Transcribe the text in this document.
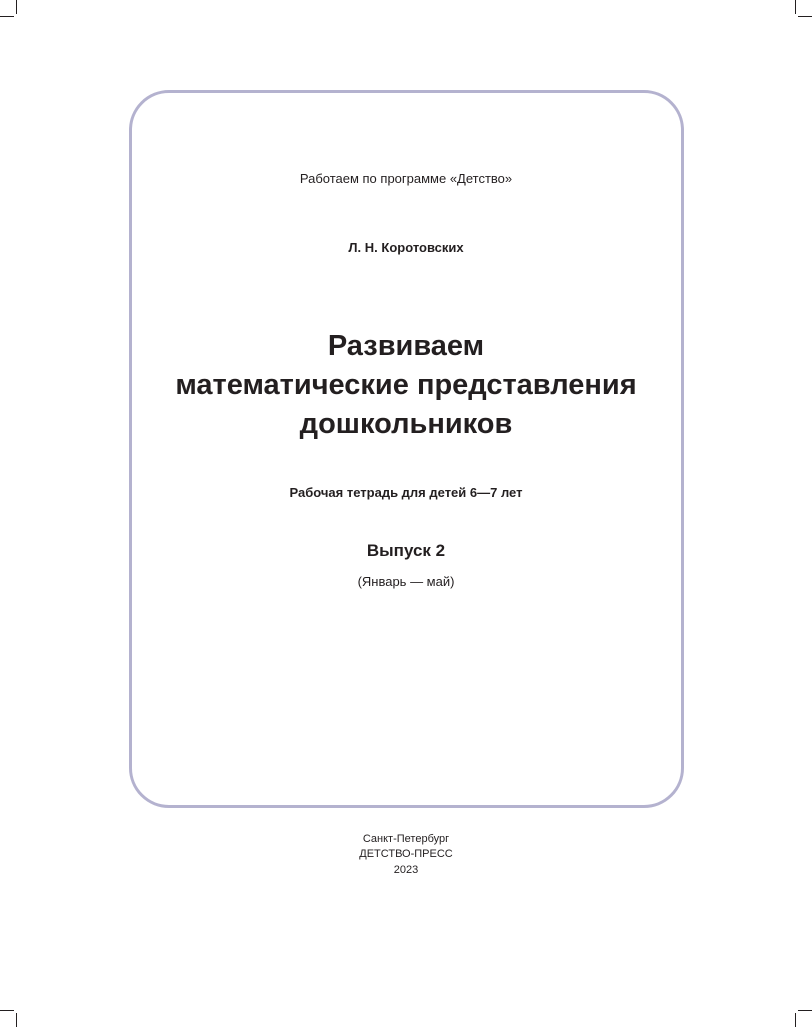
Работаем по программе «Детство»
Л. Н. Коротовских
Развиваем
математические представления
дошкольников
Рабочая тетрадь для детей 6—7 лет
Выпуск 2
(Январь — май)
Санкт-Петербург
ДЕТСТВО-ПРЕСС
2023
